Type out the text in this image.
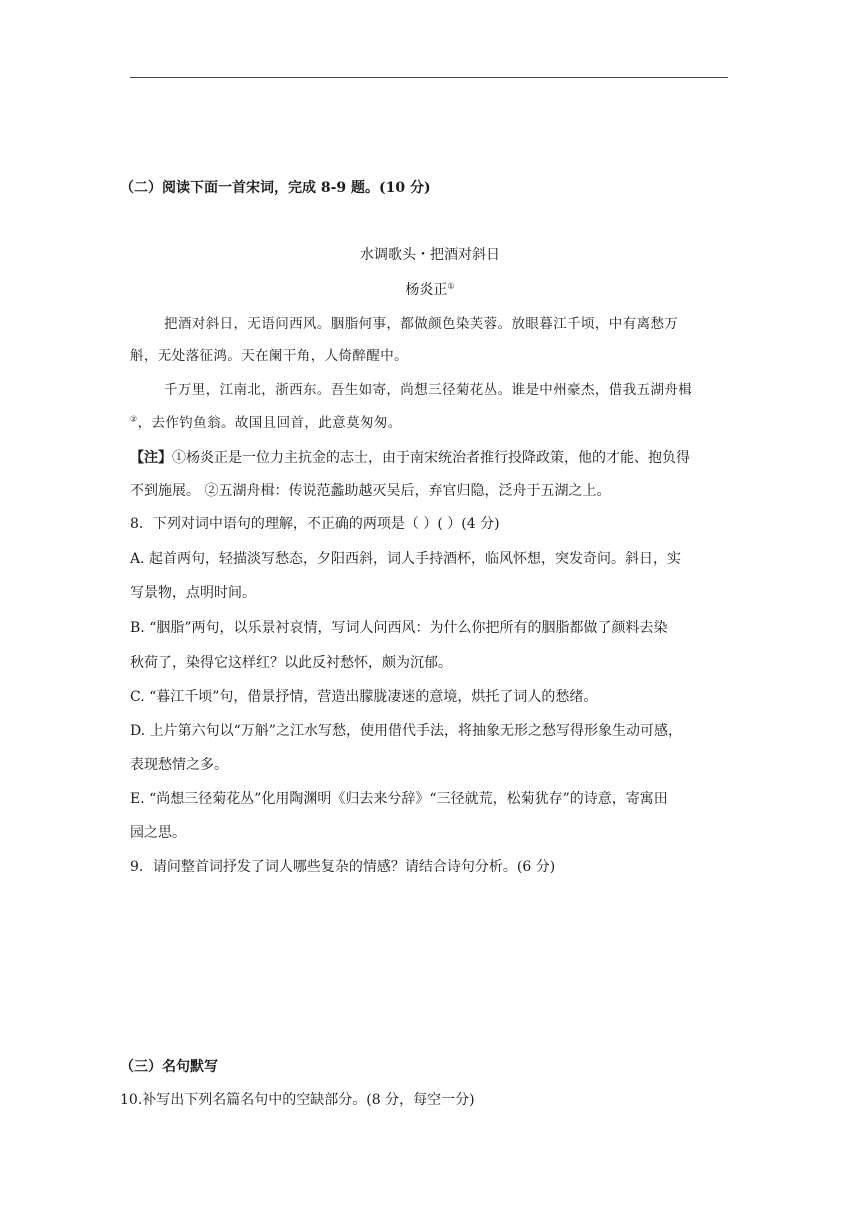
（二）阅读下面一首宋词，完成 8-9 题。(10 分)
水调歌头・把酒对斜日
杨炎正①
把酒对斜日，无语问西风。胭脂何事，都做颜色染芙蓉。放眼暮江千顷，中有离愁万
斛，无处落征鸿。天在阑干角，人倚醉醒中。
千万里，江南北，浙西东。吾生如寄，尚想三径菊花丛。谁是中州豪杰，借我五湖舟楫
②，去作钓鱼翁。故国且回首，此意莫匆匆。
【注】①杨炎正是一位力主抗金的志士，由于南宋统治者推行投降政策，他的才能、抱负得
不到施展。 ②五湖舟楫：传说范蠡助越灭吴后，弃官归隐，泛舟于五湖之上。
8．下列对词中语句的理解，不正确的两项是（ ）( ）(4 分)
A. 起首两句，轻描淡写愁态，夕阳西斜，词人手持酒杯，临风怀想，突发奇问。斜日，实
写景物，点明时间。
B. “胭脂”两句，以乐景衬哀情，写词人问西风：为什么你把所有的胭脂都做了颜料去染
秋荷了，染得它这样红？以此反衬愁怀，颇为沉郁。
C. “暮江千顷”句，借景抒情，营造出朦胧凄迷的意境，烘托了词人的愁绪。
D. 上片第六句以“万斛”之江水写愁，使用借代手法，将抽象无形之愁写得形象生动可感，
表现愁情之多。
E. “尚想三径菊花丛”化用陶渊明《归去来兮辞》“三径就荒，松菊犹存”的诗意，寄寓田
园之思。
9．请问整首词抒发了词人哪些复杂的情感？请结合诗句分析。(6 分)
（三）名句默写
10.补写出下列名篇名句中的空缺部分。(8 分，每空一分)
